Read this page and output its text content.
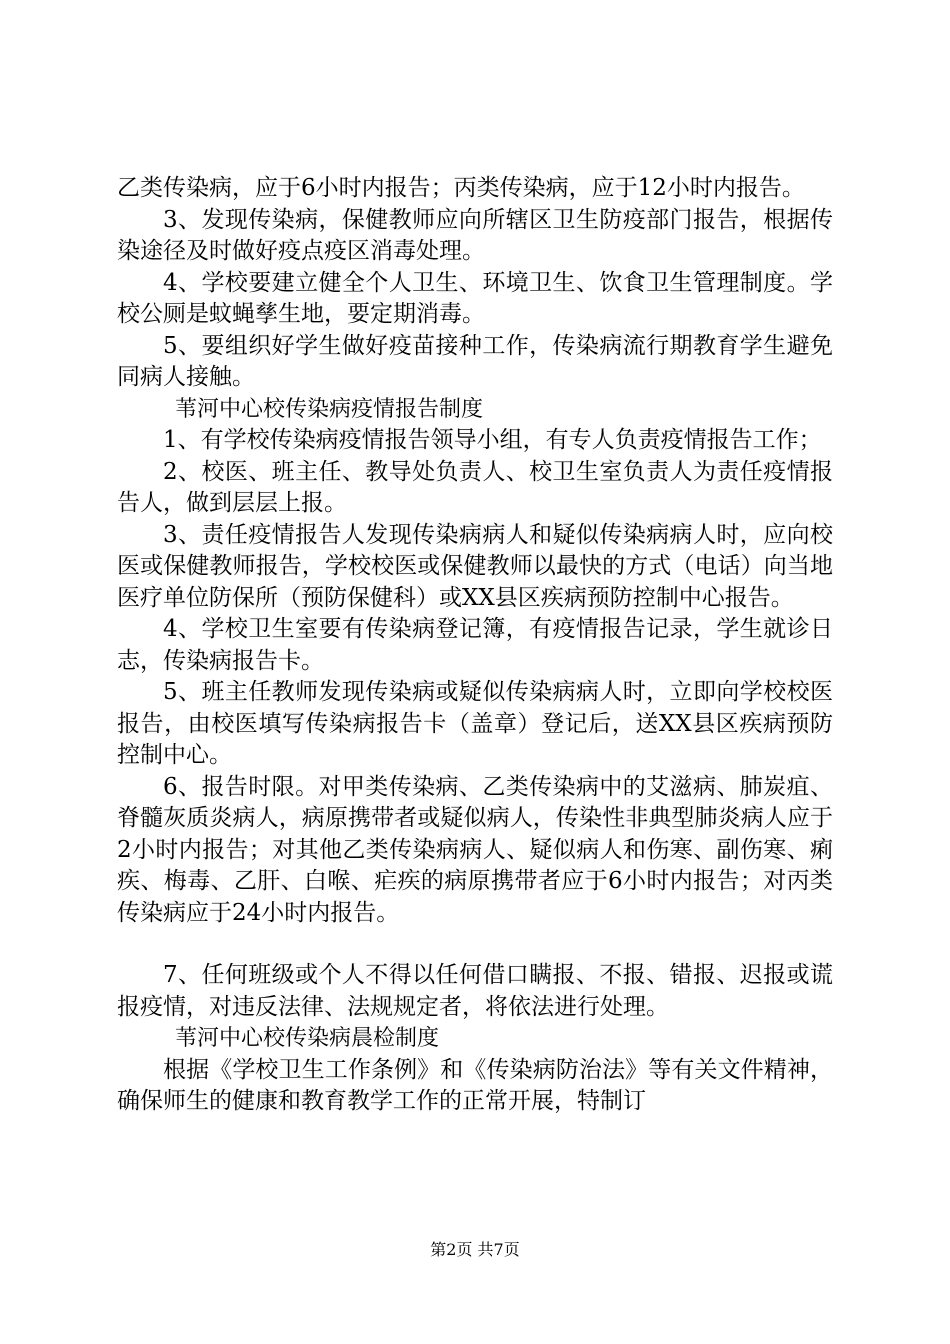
乙类传染病，应于6小时内报告；丙类传染病，应于12小时内报告。

3、发现传染病，保健教师应向所辖区卫生防疫部门报告，根据传染途径及时做好疫点疫区消毒处理。

4、学校要建立健全个人卫生、环境卫生、饮食卫生管理制度。学校公厕是蚊蝇孳生地，要定期消毒。

5、要组织好学生做好疫苗接种工作，传染病流行期教育学生避免同病人接触。

苇河中心校传染病疫情报告制度

1、有学校传染病疫情报告领导小组，有专人负责疫情报告工作；

2、校医、班主任、教导处负责人、校卫生室负责人为责任疫情报告人，做到层层上报。

3、责任疫情报告人发现传染病病人和疑似传染病病人时，应向校医或保健教师报告，学校校医或保健教师以最快的方式（电话）向当地医疗单位防保所（预防保健科）或XX县区疾病预防控制中心报告。

4、学校卫生室要有传染病登记簿，有疫情报告记录，学生就诊日志，传染病报告卡。

5、班主任教师发现传染病或疑似传染病病人时，立即向学校校医报告，由校医填写传染病报告卡（盖章）登记后，送XX县区疾病预防控制中心。

6、报告时限。对甲类传染病、乙类传染病中的艾滋病、肺炭疽、脊髓灰质炎病人，病原携带者或疑似病人，传染性非典型肺炎病人应于2小时内报告；对其他乙类传染病病人、疑似病人和伤寒、副伤寒、痢疾、梅毒、乙肝、白喉、疟疾的病原携带者应于6小时内报告；对丙类传染病应于24小时内报告。

7、任何班级或个人不得以任何借口瞒报、不报、错报、迟报或谎报疫情，对违反法律、法规规定者，将依法进行处理。

苇河中心校传染病晨检制度

根据《学校卫生工作条例》和《传染病防治法》等有关文件精神，确保师生的健康和教育教学工作的正常开展，特制订

第2页 共7页
